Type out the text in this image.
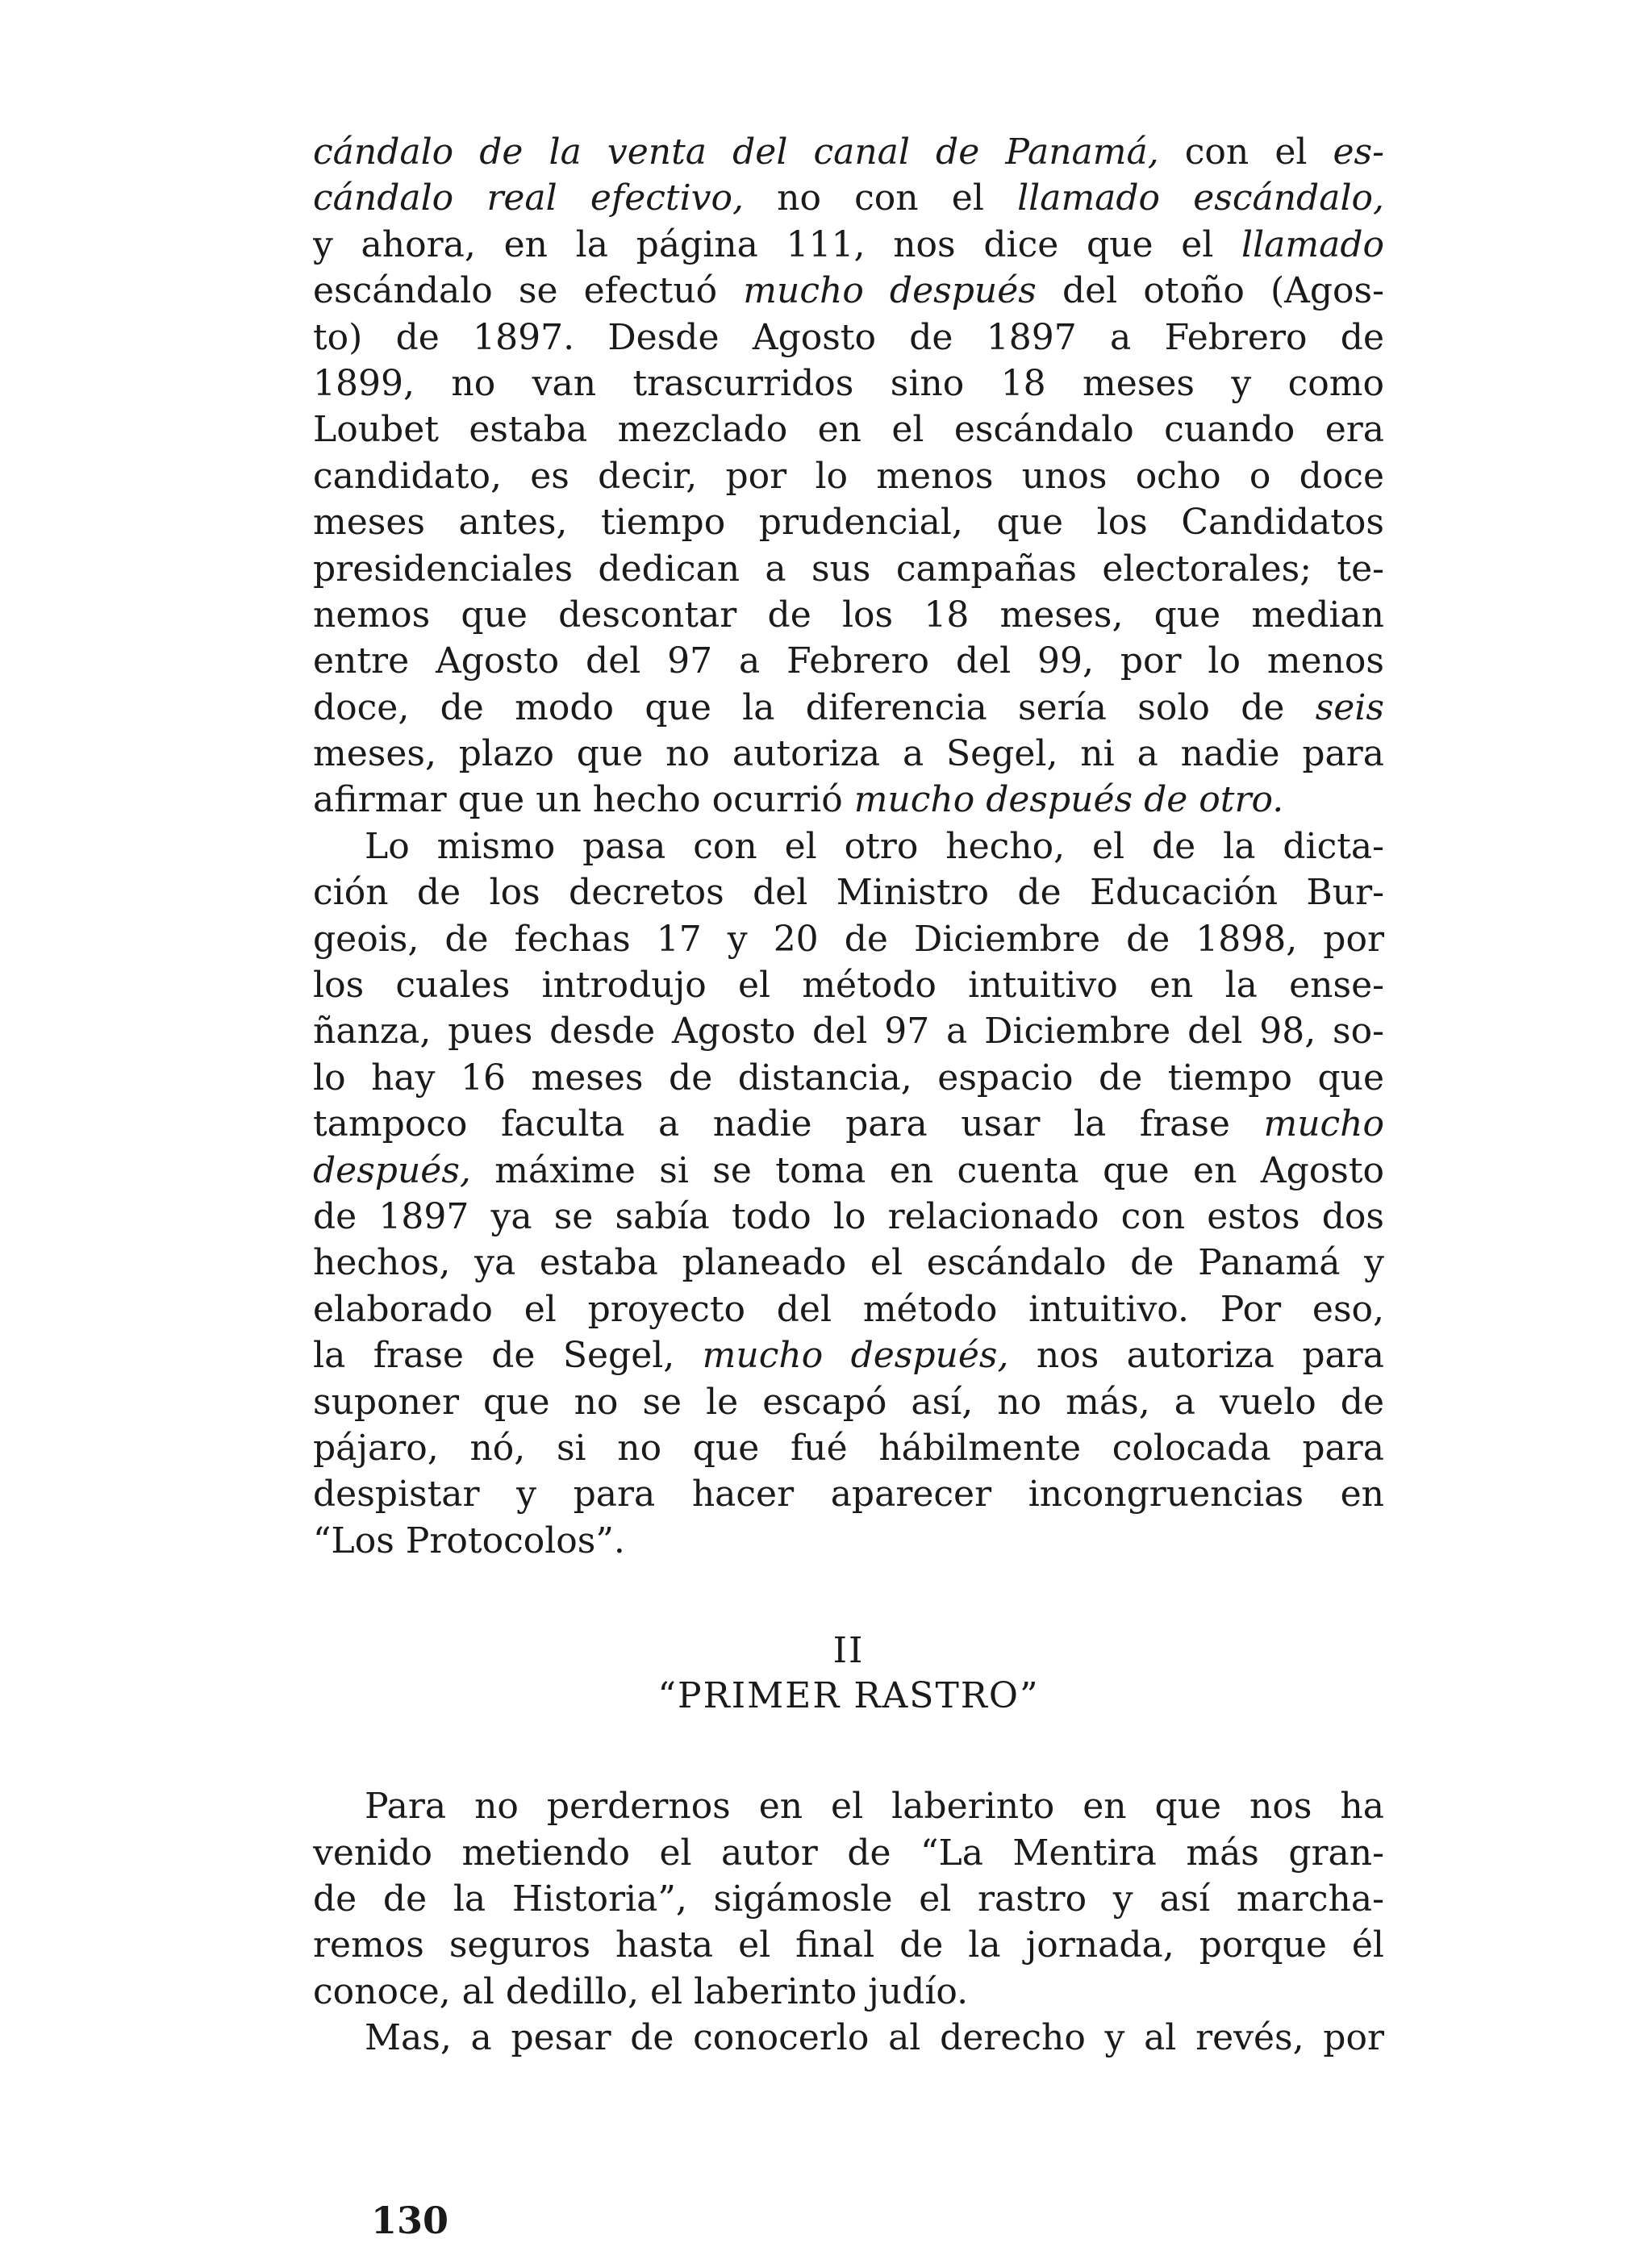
cándalo de la venta del canal de Panamá, con el es-
cándalo real efectivo, no con el llamado escándalo,
y ahora, en la página 111, nos dice que el llamado
escándalo se efectuó mucho después del otoño (Agos-
to) de 1897. Desde Agosto de 1897 a Febrero de
1899, no van trascurridos sino 18 meses y como
Loubet estaba mezclado en el escándalo cuando era
candidato, es decir, por lo menos unos ocho o doce
meses antes, tiempo prudencial, que los Candidatos
presidenciales dedican a sus campañas electorales; te-
nemos que descontar de los 18 meses, que median
entre Agosto del 97 a Febrero del 99, por lo menos
doce, de modo que la diferencia sería solo de seis
meses, plazo que no autoriza a Segel, ni a nadie para
afirmar que un hecho ocurrió mucho después de otro.
Lo mismo pasa con el otro hecho, el de la dicta-
ción de los decretos del Ministro de Educación Bur-
geois, de fechas 17 y 20 de Diciembre de 1898, por
los cuales introdujo el método intuitivo en la ense-
ñanza, pues desde Agosto del 97 a Diciembre del 98, so-
lo hay 16 meses de distancia, espacio de tiempo que
tampoco faculta a nadie para usar la frase mucho
después, máxime si se toma en cuenta que en Agosto
de 1897 ya se sabía todo lo relacionado con estos dos
hechos, ya estaba planeado el escándalo de Panamá y
elaborado el proyecto del método intuitivo. Por eso,
la frase de Segel, mucho después, nos autoriza para
suponer que no se le escapó así, no más, a vuelo de
pájaro, nó, si no que fué hábilmente colocada para
despistar y para hacer aparecer incongruencias en
“Los Protocolos”.
II
“PRIMER RASTRO”
Para no perdernos en el laberinto en que nos ha
venido metiendo el autor de “La Mentira más gran-
de de la Historia”, sigámosle el rastro y así marcha-
remos seguros hasta el final de la jornada, porque él
conoce, al dedillo, el laberinto judío.
Mas, a pesar de conocerlo al derecho y al revés, por
130
